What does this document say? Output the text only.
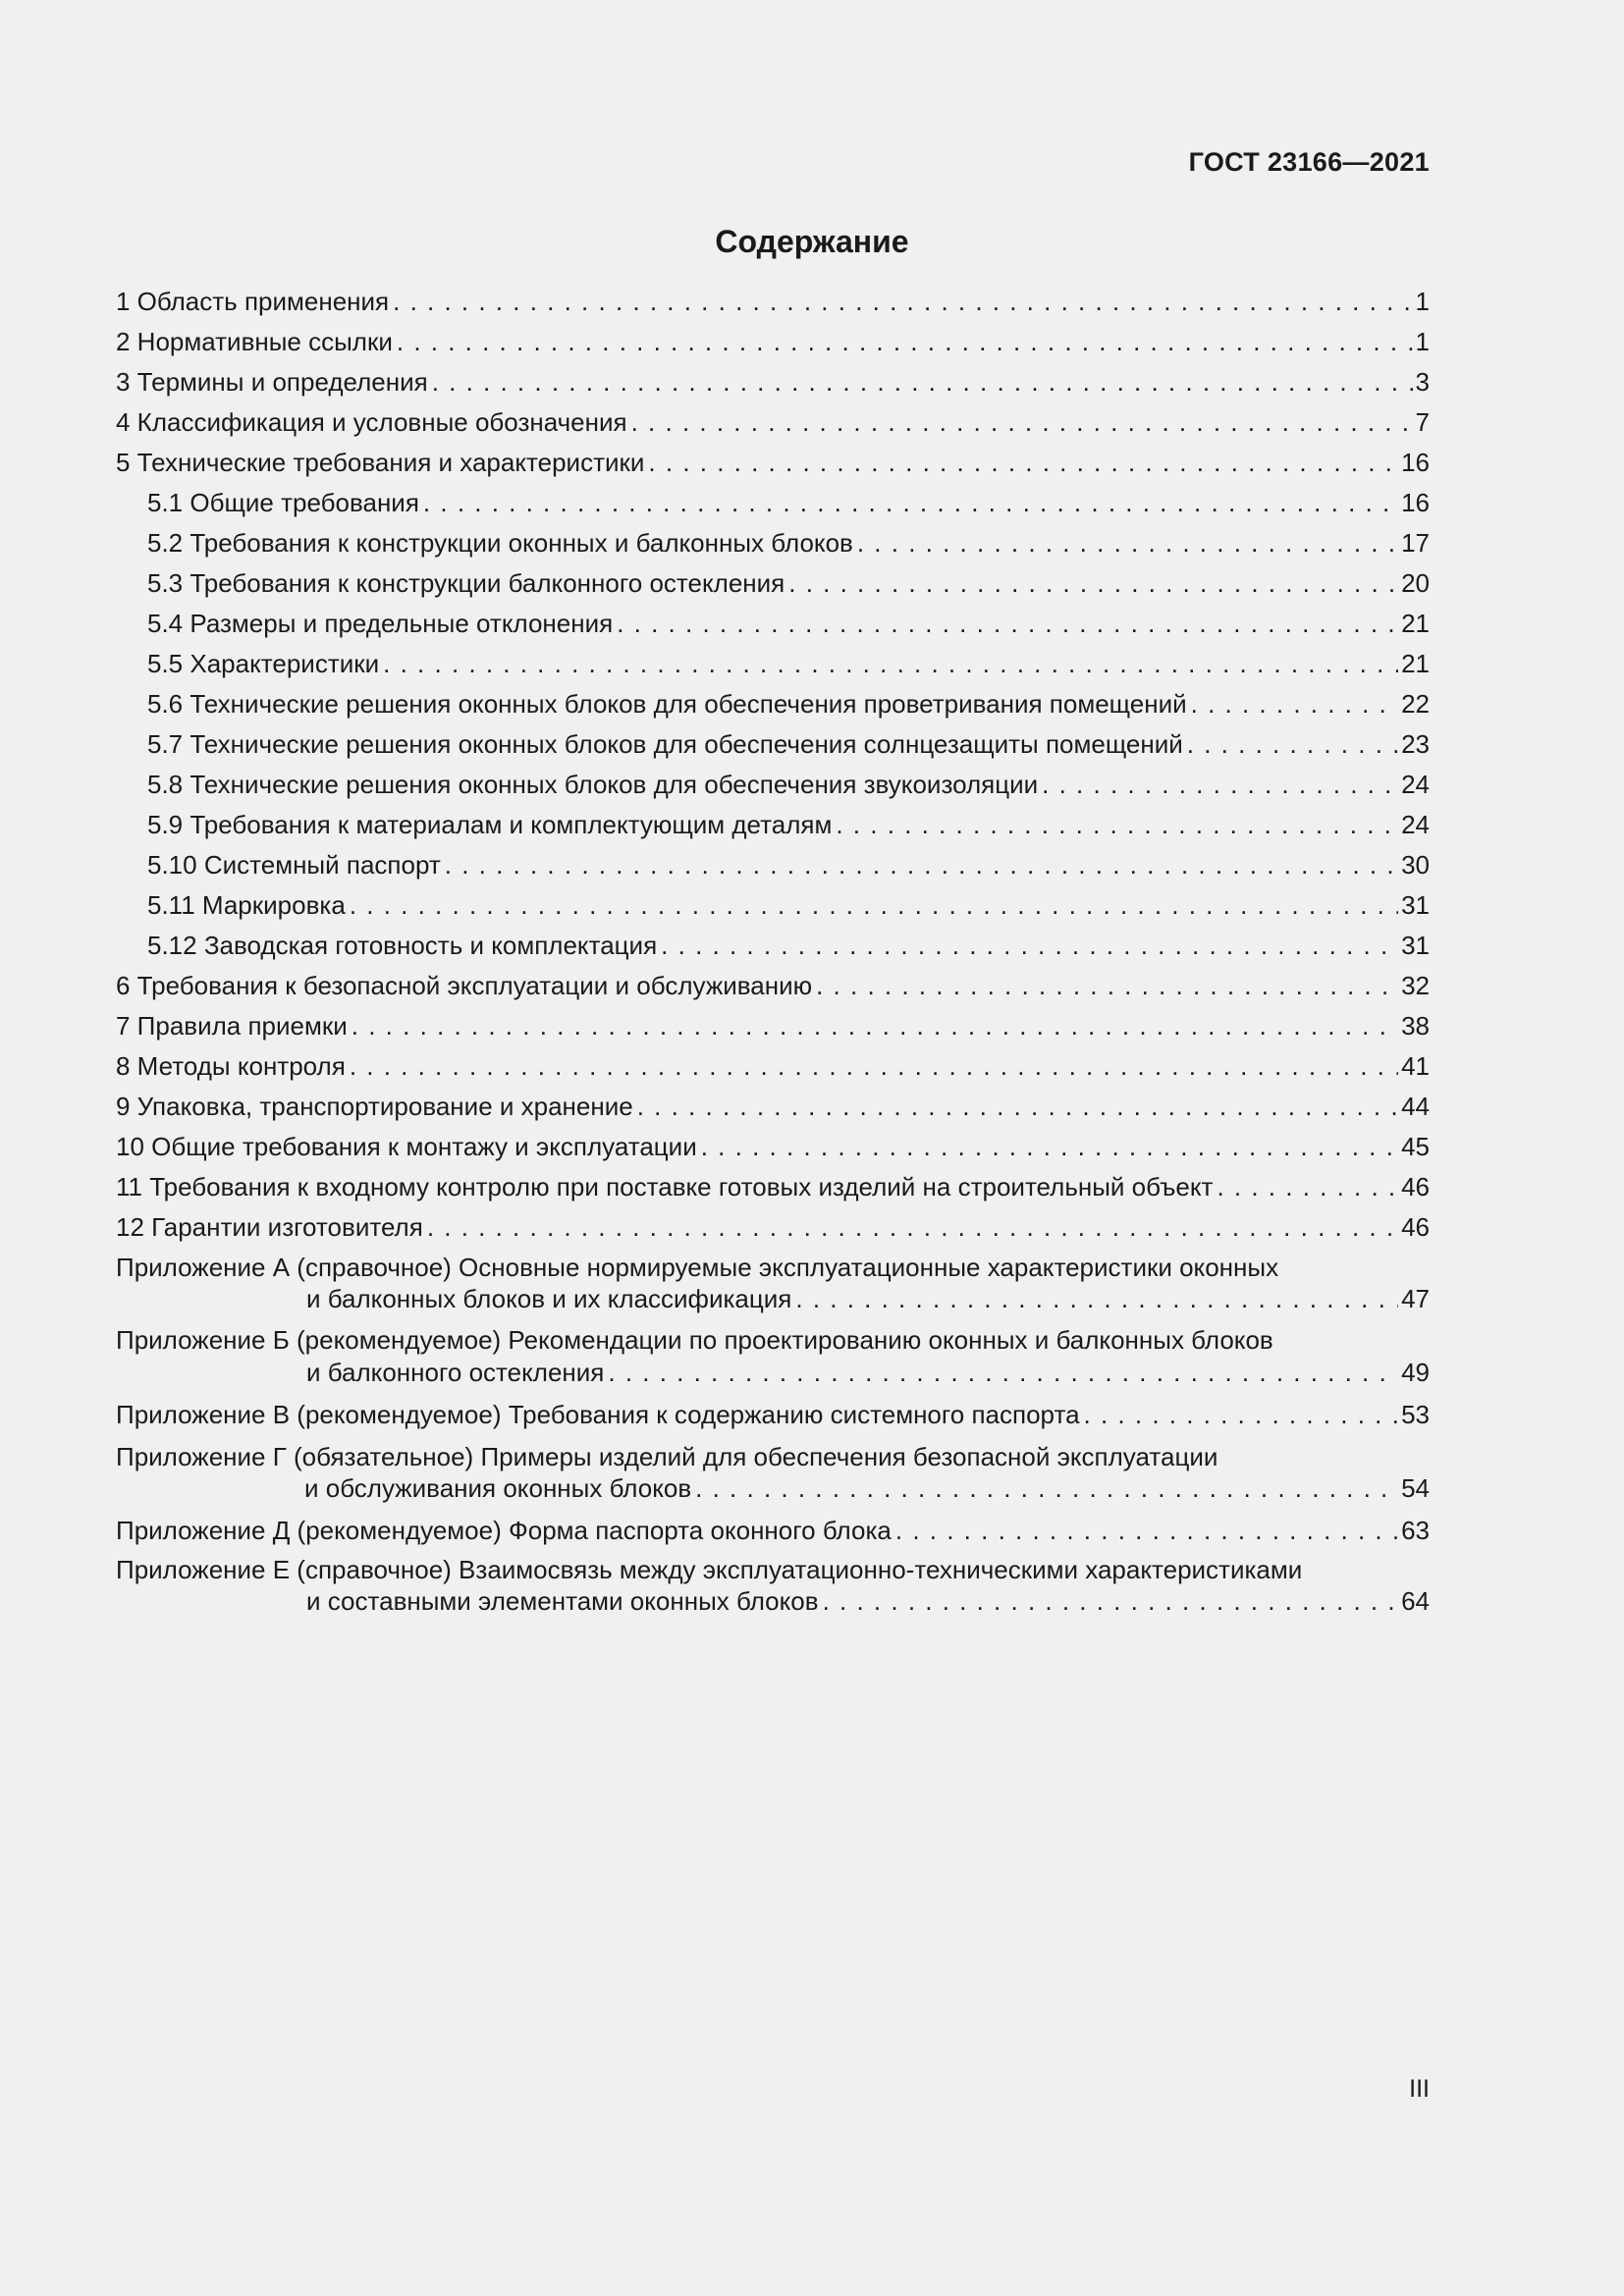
ГОСТ 23166—2021
Содержание
1 Область применения . . .	1
2 Нормативные ссылки . . .	1
3 Термины и определения . . .	3
4 Классификация и условные обозначения . . .	7
5 Технические требования и характеристики . . .	16
5.1 Общие требования . . .	16
5.2 Требования к конструкции оконных и балконных блоков . . .	17
5.3 Требования к конструкции балконного остекления . . .	20
5.4 Размеры и предельные отклонения . . .	21
5.5 Характеристики . . .	21
5.6 Технические решения оконных блоков для обеспечения проветривания помещений . . .	22
5.7 Технические решения оконных блоков для обеспечения солнцезащиты помещений . . .	23
5.8 Технические решения оконных блоков для обеспечения звукоизоляции . . .	24
5.9 Требования к материалам и комплектующим деталям . . .	24
5.10 Системный паспорт . . .	30
5.11 Маркировка . . .	31
5.12 Заводская готовность и комплектация . . .	31
6 Требования к безопасной эксплуатации и обслуживанию . . .	32
7 Правила приемки . . .	38
8 Методы контроля . . .	41
9 Упаковка, транспортирование и хранение . . .	44
10 Общие требования к монтажу и эксплуатации . . .	45
11 Требования к входному контролю при поставке готовых изделий на строительный объект . . .	46
12 Гарантии изготовителя . . .	46
Приложение А (справочное) Основные нормируемые эксплуатационные характеристики оконных
и балконных блоков и их классификация . . .	47
Приложение Б (рекомендуемое) Рекомендации по проектированию оконных и балконных блоков
и балконного остекления . . .	49
Приложение В (рекомендуемое) Требования к содержанию системного паспорта . . .	53
Приложение Г (обязательное) Примеры изделий для обеспечения безопасной эксплуатации
и обслуживания оконных блоков . . .	54
Приложение Д (рекомендуемое) Форма паспорта оконного блока . . .	63
Приложение Е (справочное) Взаимосвязь между эксплуатационно-техническими характеристиками
и составными элементами оконных блоков . . .	64
III
